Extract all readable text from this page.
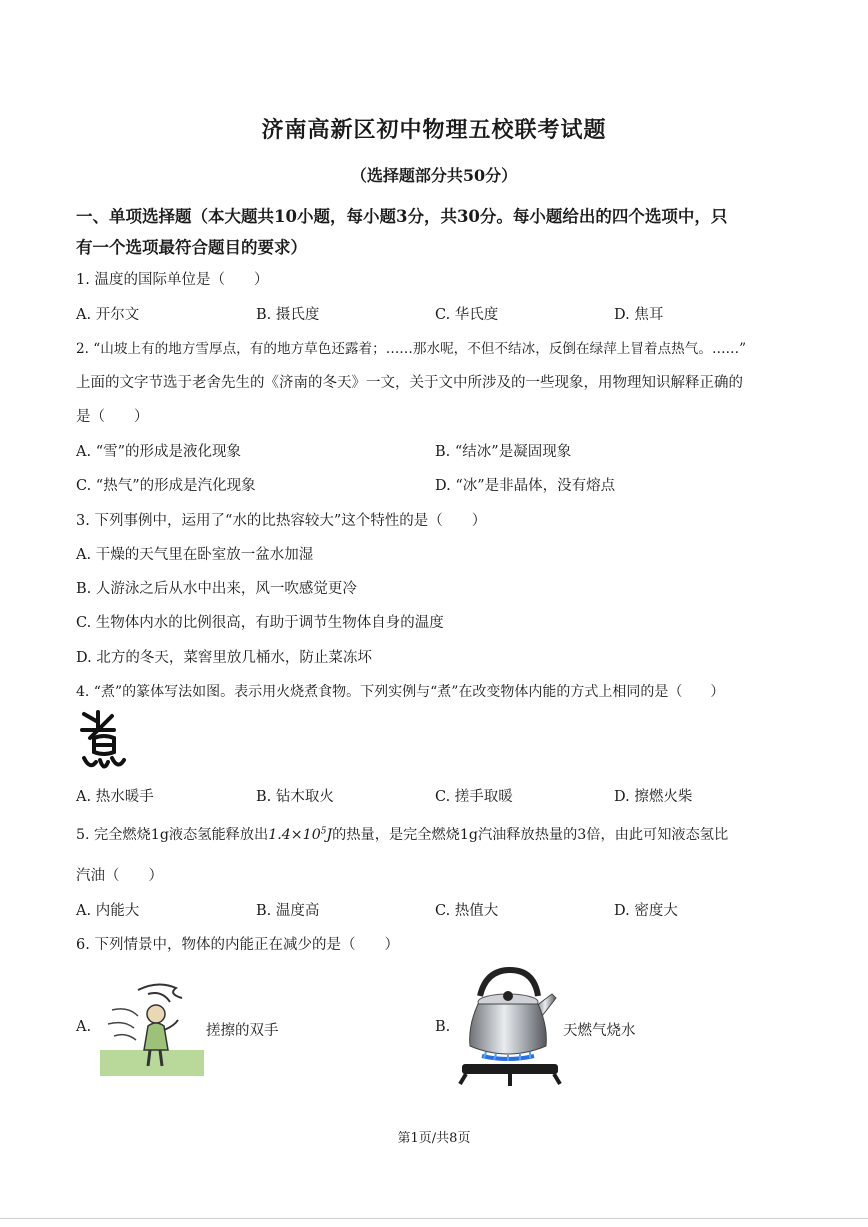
济南高新区初中物理五校联考试题
（选择题部分共50分）
一、单项选择题（本大题共10小题，每小题3分，共30分。每小题给出的四个选项中，只
有一个选项最符合题目的要求）
1. 温度的国际单位是（　　）
A. 开尔文	B. 摄氏度	C. 华氏度	D. 焦耳
2. “山坡上有的地方雪厚点，有的地方草色还露着；……那水呢，不但不结冰，反倒在绿萍上冒着点热气。……”
上面的文字节选于老舍先生的《济南的冬天》一文，关于文中所涉及的一些现象，用物理知识解释正确的
是（　　）
A. “雪”的形成是液化现象	B. “结冰”是凝固现象
C. “热气”的形成是汽化现象	D. “冰”是非晶体，没有熔点
3. 下列事例中，运用了“水的比热容较大”这个特性的是（　　）
A. 干燥的天气里在卧室放一盆水加湿
B. 人游泳之后从水中出来，风一吹感觉更冷
C. 生物体内水的比例很高，有助于调节生物体自身的温度
D. 北方的冬天，菜窖里放几桶水，防止菜冻坏
4. “煮”的篆体写法如图。表示用火烧煮食物。下列实例与“煮”在改变物体内能的方式上相同的是（　　）
A. 热水暖手	B. 钻木取火	C. 搓手取暖	D. 擦燃火柴
5. 完全燃烧1g液态氢能释放出$1.4\times 10^5J$的热量，是完全燃烧1g汽油释放热量的3倍，由此可知液态氢比
汽油（　　）
A. 内能大	B. 温度高	C. 热值大	D. 密度大
6. 下列情景中，物体的内能正在减少的是（　　）
A.	搓擦的双手	B.	天燃气烧水
第1页/共8页
